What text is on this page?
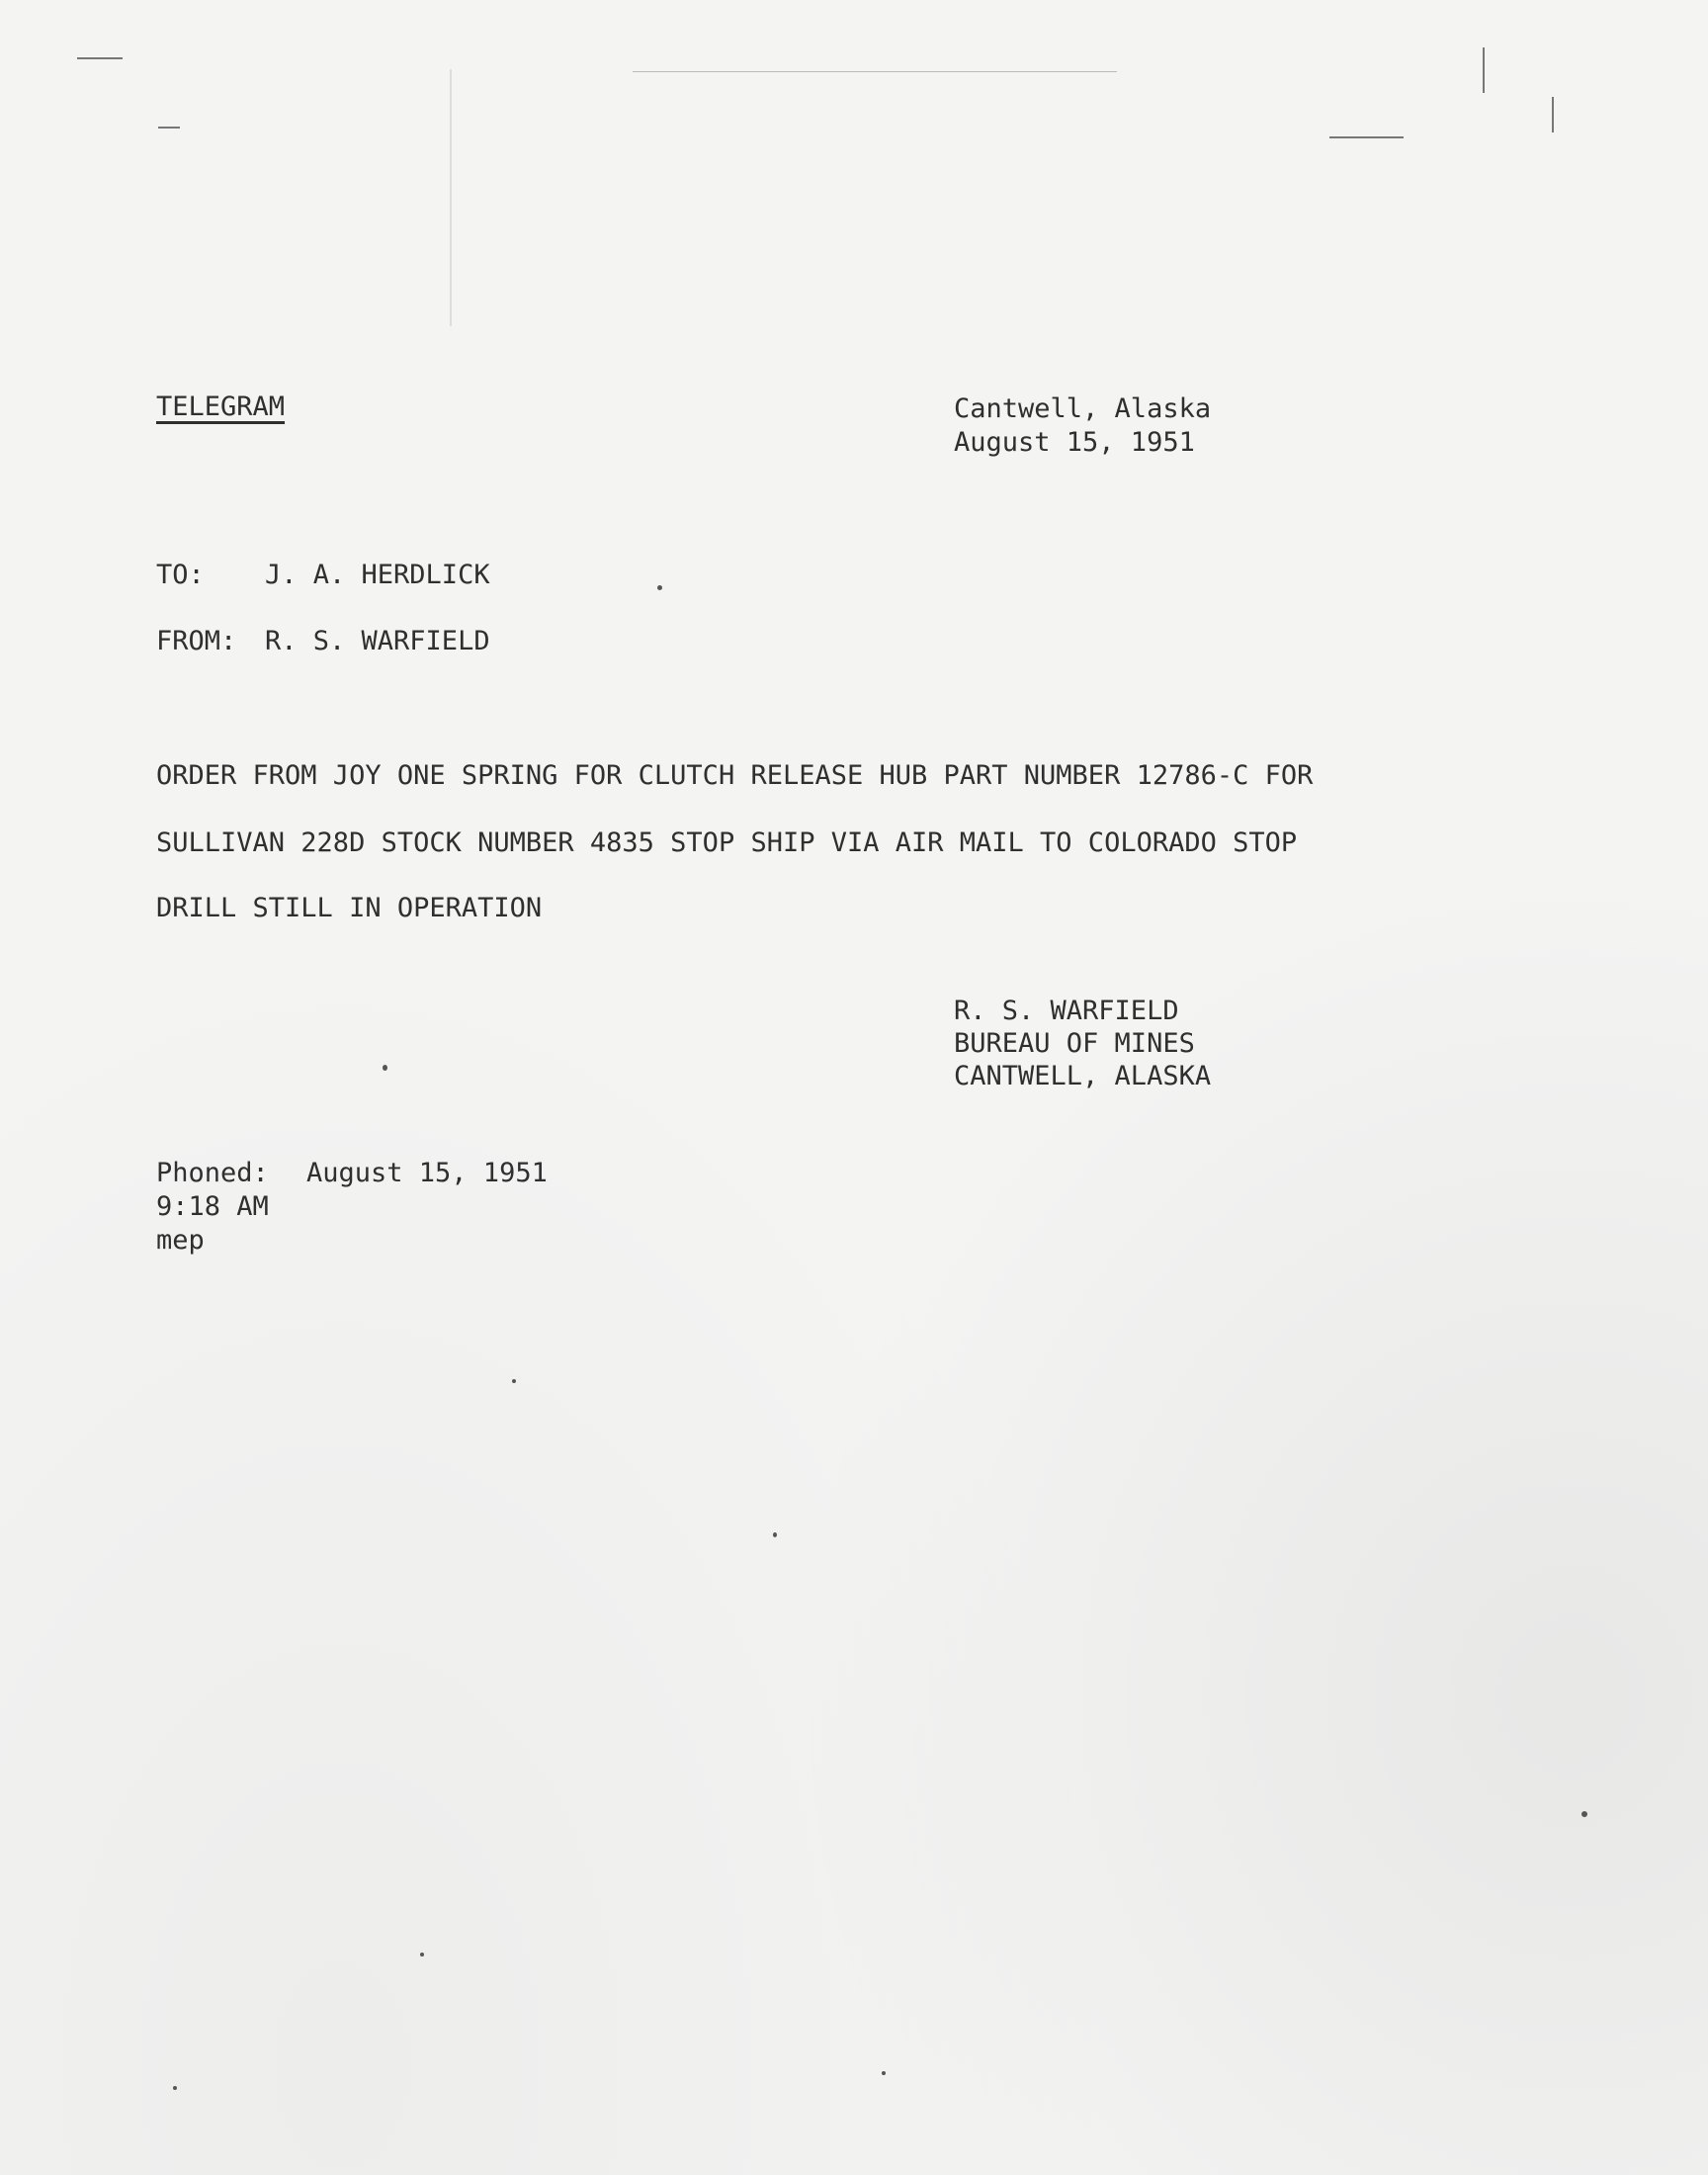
TELEGRAM	Cantwell, Alaska
August 15, 1951
TO: J. A. HERDLICK
FROM: R. S. WARFIELD
ORDER FROM JOY ONE SPRING FOR CLUTCH RELEASE HUB PART NUMBER 12786-C FOR
SULLIVAN 228D STOCK NUMBER 4835 STOP SHIP VIA AIR MAIL TO COLORADO STOP
DRILL STILL IN OPERATION
R. S. WARFIELD
BUREAU OF MINES
CANTWELL, ALASKA
Phoned: August 15, 1951
9:18 AM
mep
